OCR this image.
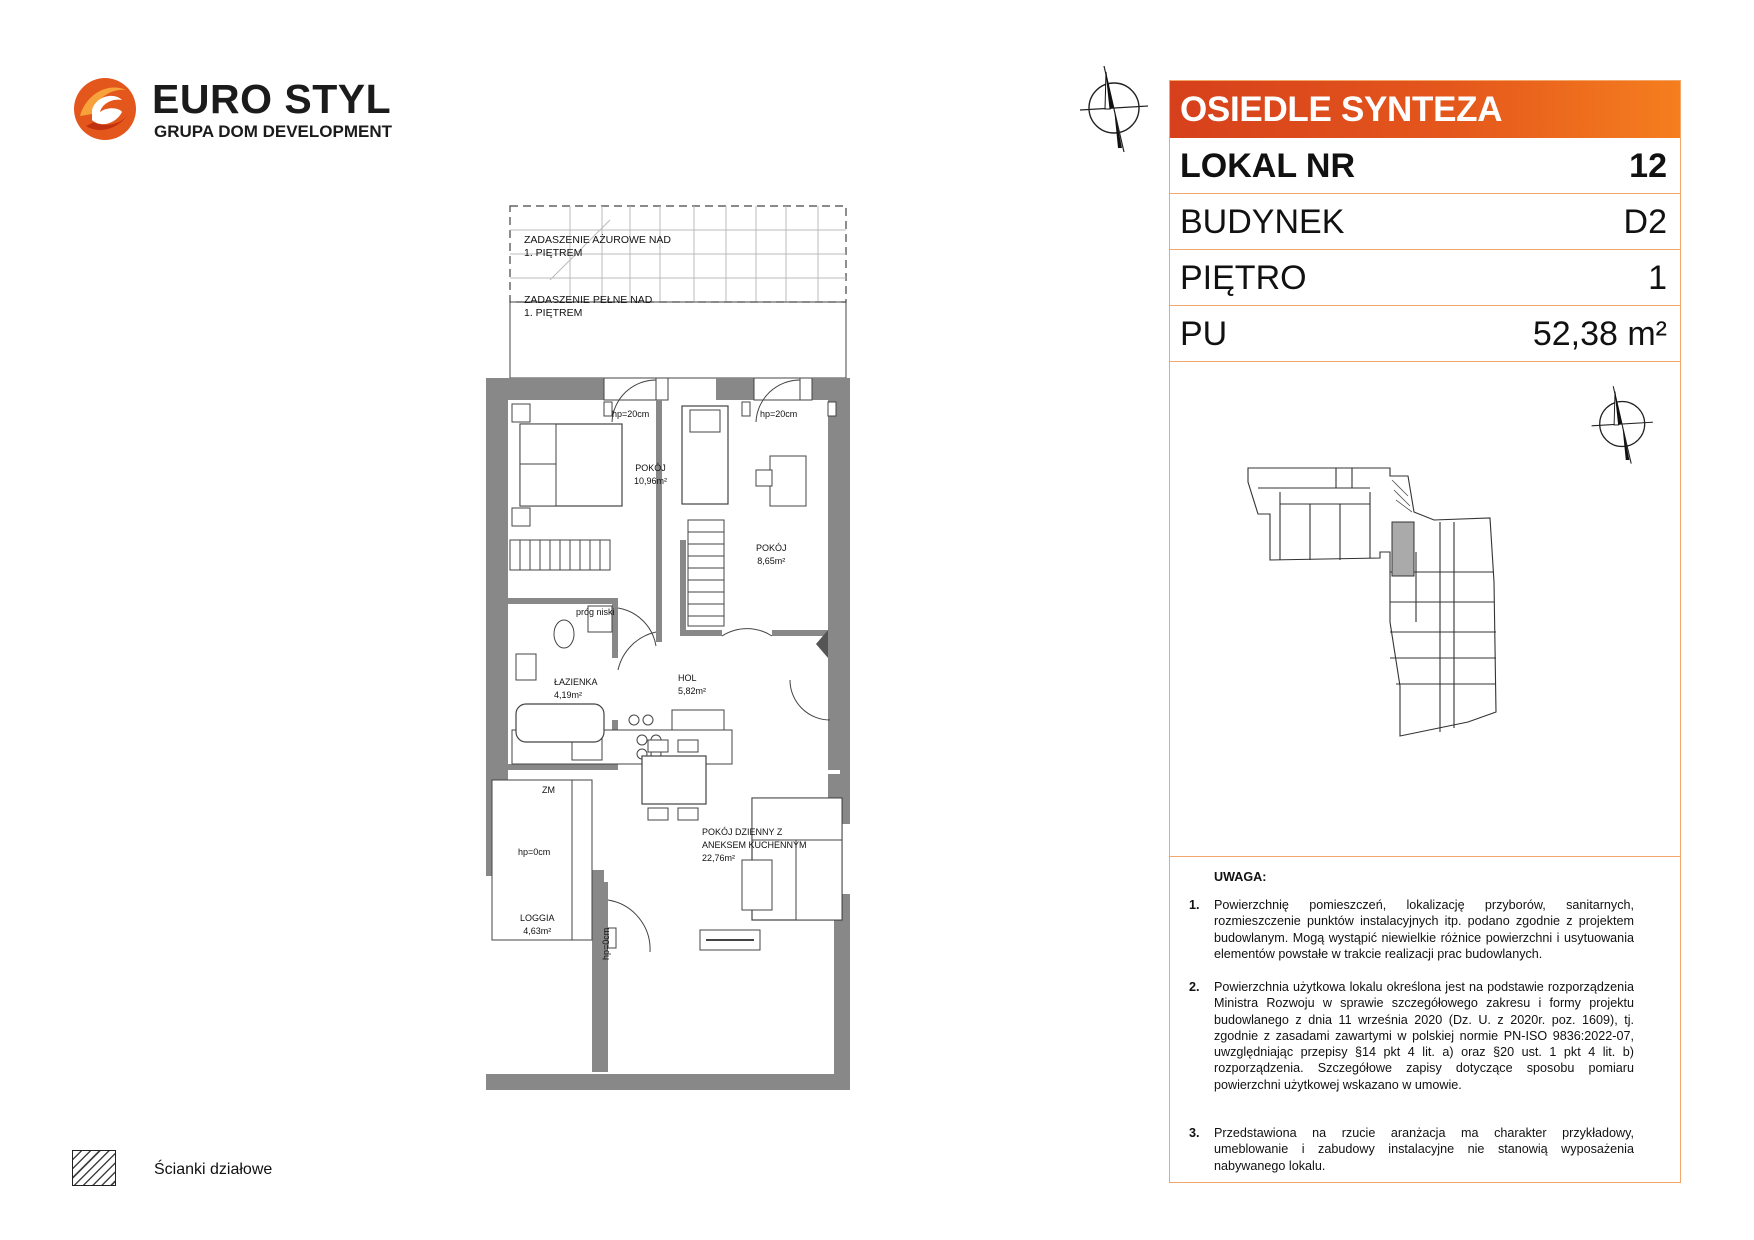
EURO STYL
GRUPA DOM DEVELOPMENT
ZADASZENIE AŻUROWE NAD
1. PIĘTREM
ZADASZENIE PEŁNE NAD
1. PIĘTREM
hp=20cm	hp=20cm
POKÓJ
10,96m²
POKÓJ
8,65m²
próg niski
ŁAZIENKA
4,19m²
HOL
5,82m²
ZM
POKÓJ DZIENNY Z
ANEKSEM KUCHENNYM
22,76m²
hp=0cm
hp=0cm
LOGGIA
4,63m²
OSIEDLE SYNTEZA
LOKAL NR	12
BUDYNEK	D2
PIĘTRO	1
PU	52,38 m²
UWAGA:
1. Powierzchnię pomieszczeń, lokalizację przyborów, sanitarnych, rozmieszczenie punktów instalacyjnych itp. podano zgodnie z projektem budowlanym. Mogą wystąpić niewielkie różnice powierzchni i usytuowania elementów powstałe w trakcie realizacji prac budowlanych.
2. Powierzchnia użytkowa lokalu określona jest na podstawie rozporządzenia Ministra Rozwoju w sprawie szczegółowego zakresu i formy projektu budowlanego z dnia 11 września 2020 (Dz. U. z 2020r. poz. 1609), tj. zgodnie z zasadami zawartymi w polskiej normie PN-ISO 9836:2022-07, uwzględniając przepisy §14 pkt 4 lit. a) oraz §20 ust. 1 pkt 4 lit. b) rozporządzenia. Szczegółowe zapisy dotyczące sposobu pomiaru powierzchni użytkowej wskazano w umowie.
3. Przedstawiona na rzucie aranżacja ma charakter przykładowy, umeblowanie i zabudowy instalacyjne nie stanowią wyposażenia nabywanego lokalu.
Ścianki działowe
